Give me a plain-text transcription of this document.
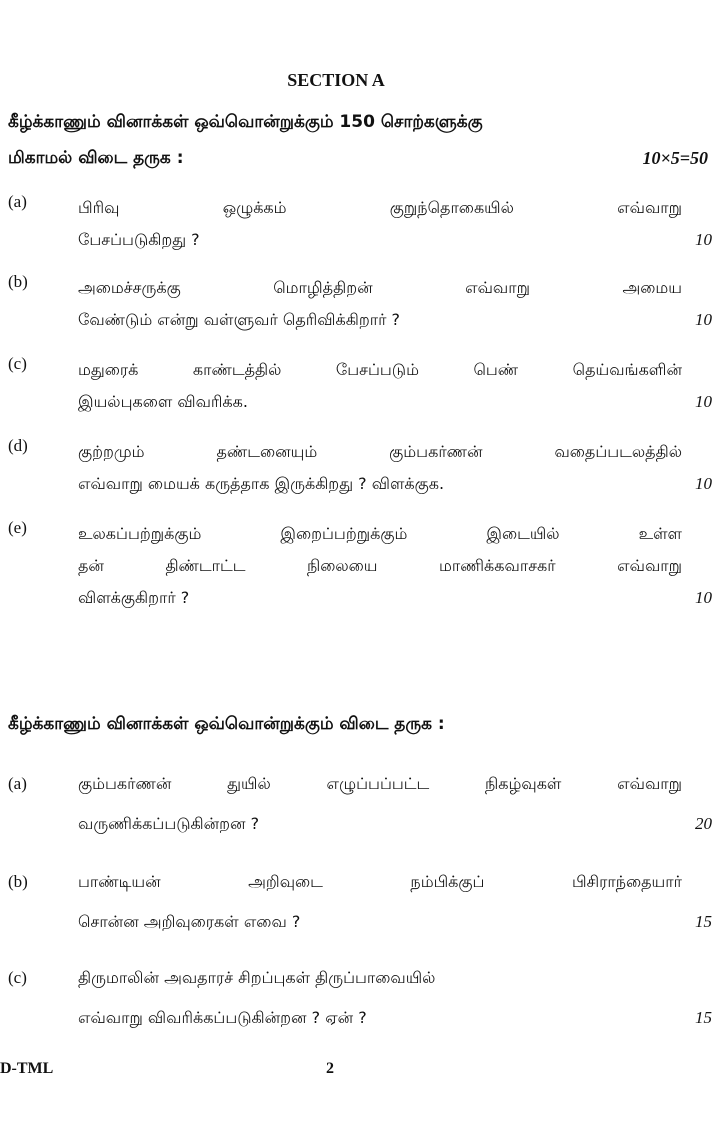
SECTION A
கீழ்க்காணும் வினாக்கள் ஒவ்வொன்றுக்கும் 150 சொற்களுக்கு
மிகாமல் விடை தருக :	10×5=50
(a)	பிரிவு ஒழுக்கம் குறுந்தொகையில் எவ்வாறு
பேசப்படுகிறது ?	10
(b)	அமைச்சருக்கு மொழித்திறன் எவ்வாறு அமைய
வேண்டும் என்று வள்ளுவர் தெரிவிக்கிறார் ?	10
(c)	மதுரைக் காண்டத்தில் பேசப்படும் பெண் தெய்வங்களின்
இயல்புகளை விவரிக்க.	10
(d)	குற்றமும் தண்டனையும் கும்பகர்ணன் வதைப்படலத்தில்
எவ்வாறு மையக் கருத்தாக இருக்கிறது ? விளக்குக.	10
(e)	உலகப்பற்றுக்கும் இறைப்பற்றுக்கும் இடையில் உள்ள
தன் திண்டாட்ட நிலையை மாணிக்கவாசகர் எவ்வாறு
விளக்குகிறார் ?	10
கீழ்க்காணும் வினாக்கள் ஒவ்வொன்றுக்கும் விடை தருக :
(a)	கும்பகர்ணன் துயில் எழுப்பப்பட்ட நிகழ்வுகள் எவ்வாறு
வருணிக்கப்படுகின்றன ?	20
(b)	பாண்டியன் அறிவுடை நம்பிக்குப் பிசிராந்தையார்
சொன்ன அறிவுரைகள் எவை ?	15
(c)	திருமாலின் அவதாரச் சிறப்புகள் திருப்பாவையில்
எவ்வாறு விவரிக்கப்படுகின்றன ? ஏன் ?	15
D-TML	2
